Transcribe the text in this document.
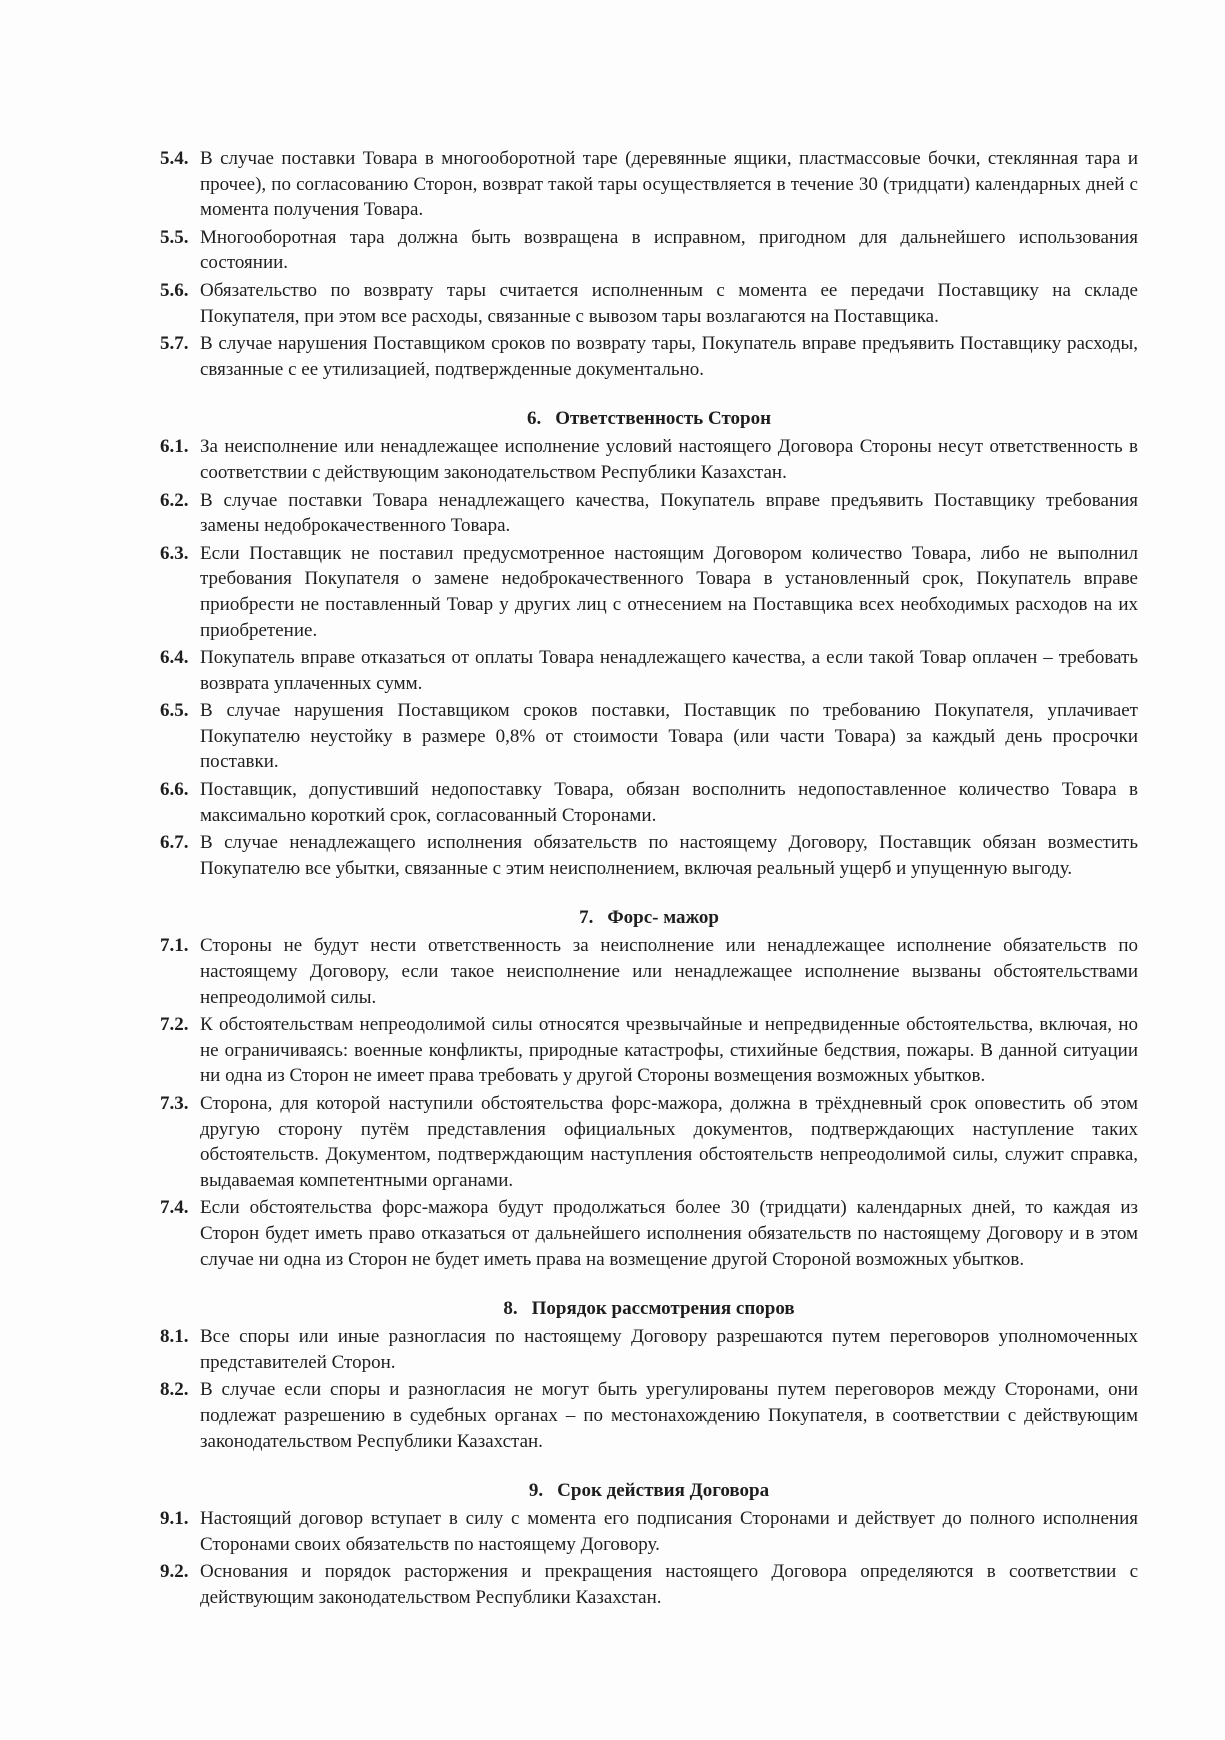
5.4. В случае поставки Товара в многооборотной таре (деревянные ящики, пластмассовые бочки, стеклянная тара и прочее), по согласованию Сторон, возврат такой тары осуществляется в течение 30 (тридцати) календарных дней с момента получения Товара.
5.5. Многооборотная тара должна быть возвращена в исправном, пригодном для дальнейшего использования состоянии.
5.6. Обязательство по возврату тары считается исполненным с момента ее передачи Поставщику на складе Покупателя, при этом все расходы, связанные с вывозом тары возлагаются на Поставщика.
5.7. В случае нарушения Поставщиком сроков по возврату тары, Покупатель вправе предъявить Поставщику расходы, связанные с ее утилизацией, подтвержденные документально.
6. Ответственность Сторон
6.1. За неисполнение или ненадлежащее исполнение условий настоящего Договора Стороны несут ответственность в соответствии с действующим законодательством Республики Казахстан.
6.2. В случае поставки Товара ненадлежащего качества, Покупатель вправе предъявить Поставщику требования замены недоброкачественного Товара.
6.3. Если Поставщик не поставил предусмотренное настоящим Договором количество Товара, либо не выполнил требования Покупателя о замене недоброкачественного Товара в установленный срок, Покупатель вправе приобрести не поставленный Товар у других лиц с отнесением на Поставщика всех необходимых расходов на их приобретение.
6.4. Покупатель вправе отказаться от оплаты Товара ненадлежащего качества, а если такой Товар оплачен – требовать возврата уплаченных сумм.
6.5. В случае нарушения Поставщиком сроков поставки, Поставщик по требованию Покупателя, уплачивает Покупателю неустойку в размере 0,8% от стоимости Товара (или части Товара) за каждый день просрочки поставки.
6.6. Поставщик, допустивший недопоставку Товара, обязан восполнить недопоставленное количество Товара в максимально короткий срок, согласованный Сторонами.
6.7. В случае ненадлежащего исполнения обязательств по настоящему Договору, Поставщик обязан возместить Покупателю все убытки, связанные с этим неисполнением, включая реальный ущерб и упущенную выгоду.
7. Форс- мажор
7.1. Стороны не будут нести ответственность за неисполнение или ненадлежащее исполнение обязательств по настоящему Договору, если такое неисполнение или ненадлежащее исполнение вызваны обстоятельствами непреодолимой силы.
7.2. К обстоятельствам непреодолимой силы относятся чрезвычайные и непредвиденные обстоятельства, включая, но не ограничиваясь: военные конфликты, природные катастрофы, стихийные бедствия, пожары. В данной ситуации ни одна из Сторон не имеет права требовать у другой Стороны возмещения возможных убытков.
7.3. Сторона, для которой наступили обстоятельства форс-мажора, должна в трёхдневный срок оповестить об этом другую сторону путём представления официальных документов, подтверждающих наступление таких обстоятельств. Документом, подтверждающим наступления обстоятельств непреодолимой силы, служит справка, выдаваемая компетентными органами.
7.4. Если обстоятельства форс-мажора будут продолжаться более 30 (тридцати) календарных дней, то каждая из Сторон будет иметь право отказаться от дальнейшего исполнения обязательств по настоящему Договору и в этом случае ни одна из Сторон не будет иметь права на возмещение другой Стороной возможных убытков.
8. Порядок рассмотрения споров
8.1. Все споры или иные разногласия по настоящему Договору разрешаются путем переговоров уполномоченных представителей Сторон.
8.2. В случае если споры и разногласия не могут быть урегулированы путем переговоров между Сторонами, они подлежат разрешению в судебных органах – по местонахождению Покупателя, в соответствии с действующим законодательством Республики Казахстан.
9. Срок действия Договора
9.1. Настоящий договор вступает в силу с момента его подписания Сторонами и действует до полного исполнения Сторонами своих обязательств по настоящему Договору.
9.2. Основания и порядок расторжения и прекращения настоящего Договора определяются в соответствии с действующим законодательством Республики Казахстан.
